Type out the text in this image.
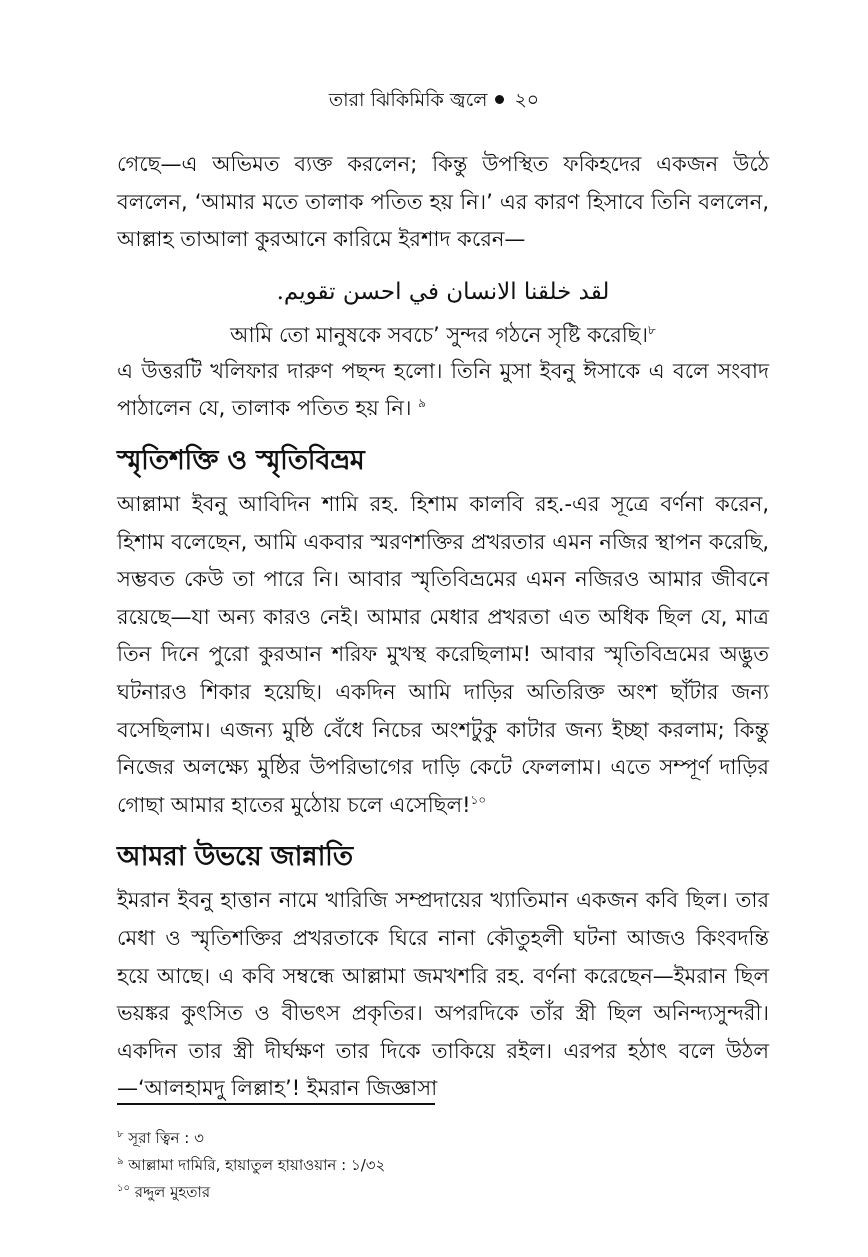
তারা ঝিকিমিকি জ্বলে ২০

গেছে—এ অভিমত ব্যক্ত করলেন; কিন্তু উপস্থিত ফকিহদের একজন উঠে বললেন, ‘আমার মতে তালাক পতিত হয় নি।’ এর কারণ হিসাবে তিনি বললেন, আল্লাহ তাআলা কুরআনে কারিমে ইরশাদ করেন—

لقد خلقنا الانسان في احسن تقويم.
আমি তো মানুষকে সবচে’ সুন্দর গঠনে সৃষ্টি করেছি।$^৮$

এ উত্তরটি খলিফার দারুণ পছন্দ হলো। তিনি মুসা ইবনু ঈসাকে এ বলে সংবাদ পাঠালেন যে, তালাক পতিত হয় নি। $^৯$

স্মৃতিশক্তি ও স্মৃতিবিভ্রম

আল্লামা ইবনু আবিদিন শামি রহ. হিশাম কালবি রহ.-এর সূত্রে বর্ণনা করেন, হিশাম বলেছেন, আমি একবার স্মরণশক্তির প্রখরতার এমন নজির স্থাপন করেছি, সম্ভবত কেউ তা পারে নি। আবার স্মৃতিবিভ্রমের এমন নজিরও আমার জীবনে রয়েছে—যা অন্য কারও নেই। আমার মেধার প্রখরতা এত অধিক ছিল যে, মাত্র তিন দিনে পুরো কুরআন শরিফ মুখস্থ করেছিলাম! আবার স্মৃতিবিভ্রমের অদ্ভুত ঘটনারও শিকার হয়েছি। একদিন আমি দাড়ির অতিরিক্ত অংশ ছাঁটার জন্য বসেছিলাম। এজন্য মুষ্ঠি বেঁধে নিচের অংশটুকু কাটার জন্য ইচ্ছা করলাম; কিন্তু নিজের অলক্ষ্যে মুষ্ঠির উপরিভাগের দাড়ি কেটে ফেললাম। এতে সম্পূর্ণ দাড়ির গোছা আমার হাতের মুঠোয় চলে এসেছিল!$^{১০}$

আমরা উভয়ে জান্নাতি

ইমরান ইবনু হাত্তান নামে খারিজি সম্প্রদায়ের খ্যাতিমান একজন কবি ছিল। তার মেধা ও স্মৃতিশক্তির প্রখরতাকে ঘিরে নানা কৌতুহলী ঘটনা আজও কিংবদন্তি হয়ে আছে। এ কবি সম্বন্ধে আল্লামা জমখশরি রহ. বর্ণনা করেছেন—ইমরান ছিল ভয়ঙ্কর কুৎসিত ও বীভৎস প্রকৃতির। অপরদিকে তাঁর স্ত্রী ছিল অনিন্দ্যসুন্দরী। একদিন তার স্ত্রী দীর্ঘক্ষণ তার দিকে তাকিয়ে রইল। এরপর হঠাৎ বলে উঠল—‘আলহামদু লিল্লাহ’! ইমরান জিজ্ঞাসা

$^৮$ সূরা ত্বিন : ৩
$^৯$ আল্লামা দামিরি, হায়াতুল হায়াওয়ান : ১/৩২
$^{১০}$ রদ্দুল মুহতার
